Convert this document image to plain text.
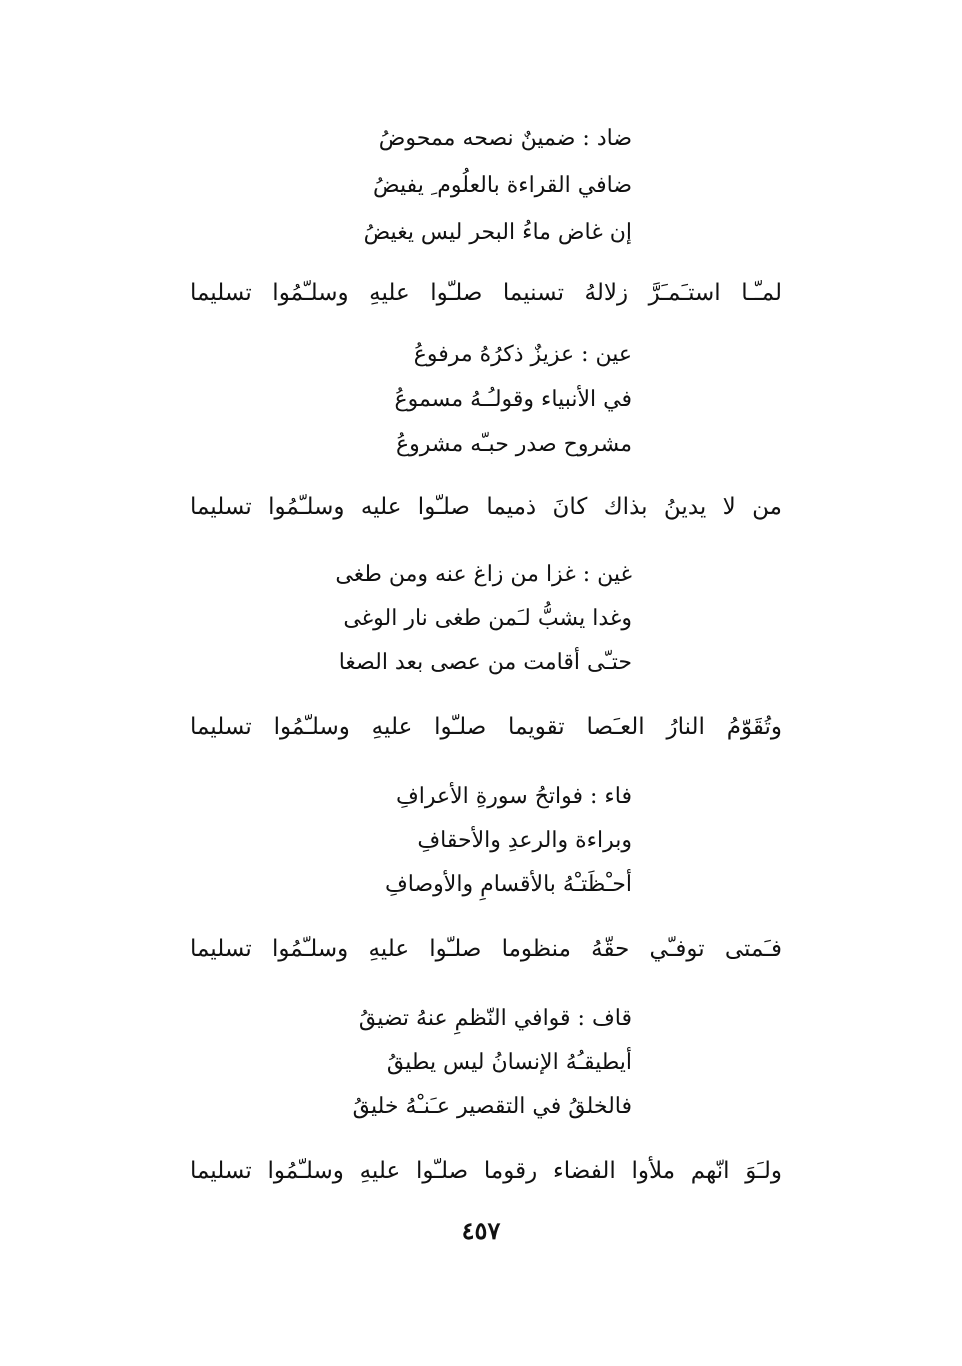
ضاد : ضمينٌ نصحه ممحوضُ
ضافي القراءة بالعلُوم ِ يفيضُ
إن غاض ماءُ البحر ليس يغيضُ
لمـّـا استـَمـَرَّ زلالهُ تسنيما صلـّوا عليهِ وسلـّمُوا تسليما
عين : عزيزٌ ذكرُهُ مرفوعُ
في الأنبياء وقولـُـهُ مسموعُ
مشروح صدر حبـّه مشروعُ
من لا يدينُ بذاك كانَ ذميما صلـّوا عليه وسلـّمُوا تسليما
غين : غزا من زاغ عنه ومن طغى
وغدا يشبُّ لـَمن طغى نار الوغى
حتـّى أقامت من عصى بعد الصغا
وتُقَوّمُ النارُ العـَصا تقويما صلـّوا عليهِ وسلـّمُوا تسليما
فاء : فواتحُ سورةِ الأعرافِ
وبراءة والرعدِ والأحقافِ
أحـْظَتـْهُ بالأقسامِ والأوصافِ
فـَمتى توفـّي حقّهُ منظوما صلـّوا عليهِ وسلـّمُوا تسليما
قاف : قوافي النّظمِ عنهُ تضيقُ
أيطيقـُهُ الإنسانُ ليس يطيقُ
فالخلقُ في التقصير عـَنـْهُ خليقُ
ولـَوَ انّهم ملأوا الفضاء رقوما صلـّوا عليهِ وسلـّمُوا تسليما
٤٥٧
